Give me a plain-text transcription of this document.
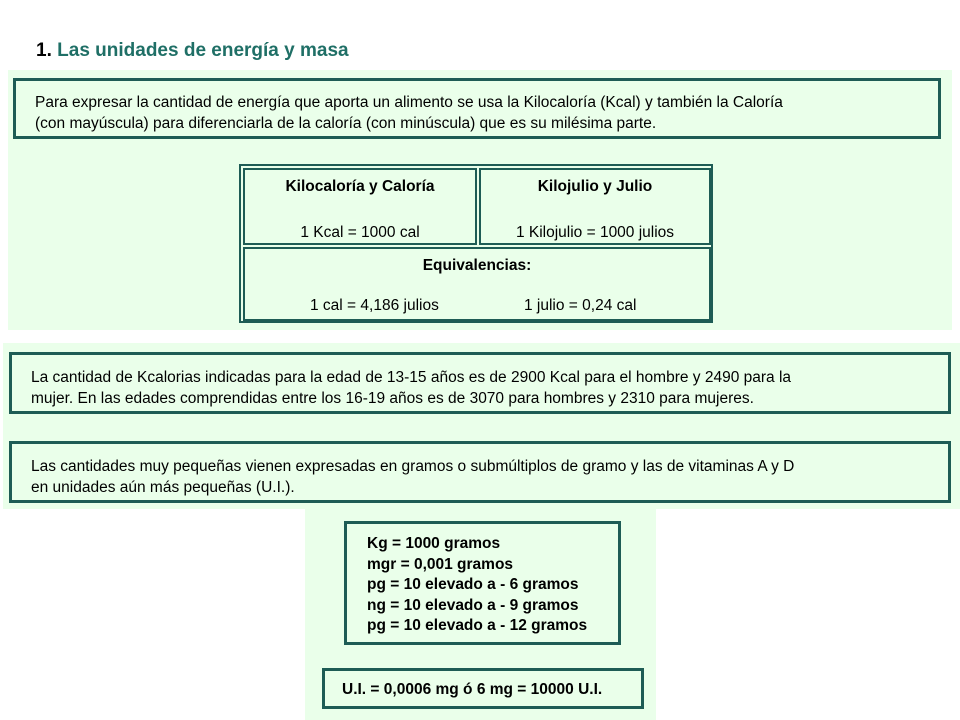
1. Las unidades de energía y masa

Para expresar la cantidad de energía que aporta un alimento se usa la Kilocaloría (Kcal) y también la Caloría

(con mayúscula) para diferenciarla de la caloría (con minúscula) que es su milésima parte.

Kilocaloría y Caloría
1 Kcal = 1000 cal
Kilojulio y Julio
1 Kilojulio = 1000 julios
Equivalencias:
1 cal = 4,186 julios	1 julio = 0,24 cal

La cantidad de Kcalorias indicadas para la edad de 13-15 años es de 2900 Kcal para el hombre y 2490 para la

mujer. En las edades comprendidas entre los 16-19 años es de 3070 para hombres y 2310 para mujeres.

Las cantidades muy pequeñas vienen expresadas en gramos o submúltiplos de gramo y las de vitaminas A y D

en unidades aún más pequeñas (U.I.).

Kg = 1000 gramos
mgr = 0,001 gramos
pg = 10 elevado a - 6 gramos
ng = 10 elevado a - 9 gramos
pg = 10 elevado a - 12 gramos
U.I. = 0,0006 mg ó 6 mg = 10000 U.I.
